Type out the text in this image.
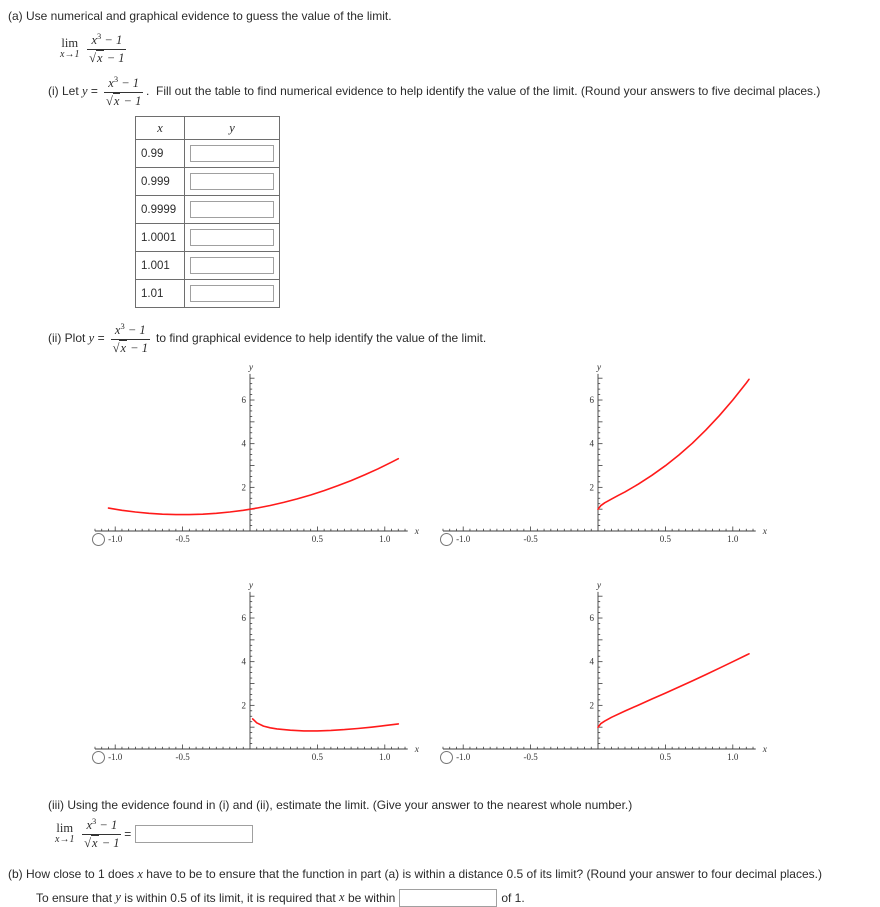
(a) Use numerical and graphical evidence to guess the value of the limit.
lim
$x\to 1 \frac{x^3 - 1}{√x - 1}$
(i) Let $y = \frac{x^3 - 1}{√x - 1}$ .  Fill out the table to find numerical evidence to help identify the value of the limit. (Round your answers to five decimal places.)
x	y
0.99	
0.999	
0.9999	
1.0001	
1.001	
1.01	
(ii) Plot $y = \frac{x^3 - 1}{√x - 1}$ to find graphical evidence to help identify the value of the limit.
-1.0	-0.5	0.5	1.0
2
4
6
x
y
-1.0	-0.5	0.5	1.0
2
4
6
x
y
-1.0	-0.5	0.5	1.0
2
4
6
x
y
-1.0	-0.5	0.5	1.0
2
4
6
x
y
(iii) Using the evidence found in (i) and (ii), estimate the limit. (Give your answer to the nearest whole number.)
lim
$x\to 1 \frac{x^3 - 1}{√x - 1}$ =
(b) How close to 1 does x have to be to ensure that the function in part (a) is within a distance 0.5 of its limit? (Round your answer to four decimal places.)
To ensure that y is within 0.5 of its limit, it is required that x be within	of 1.
